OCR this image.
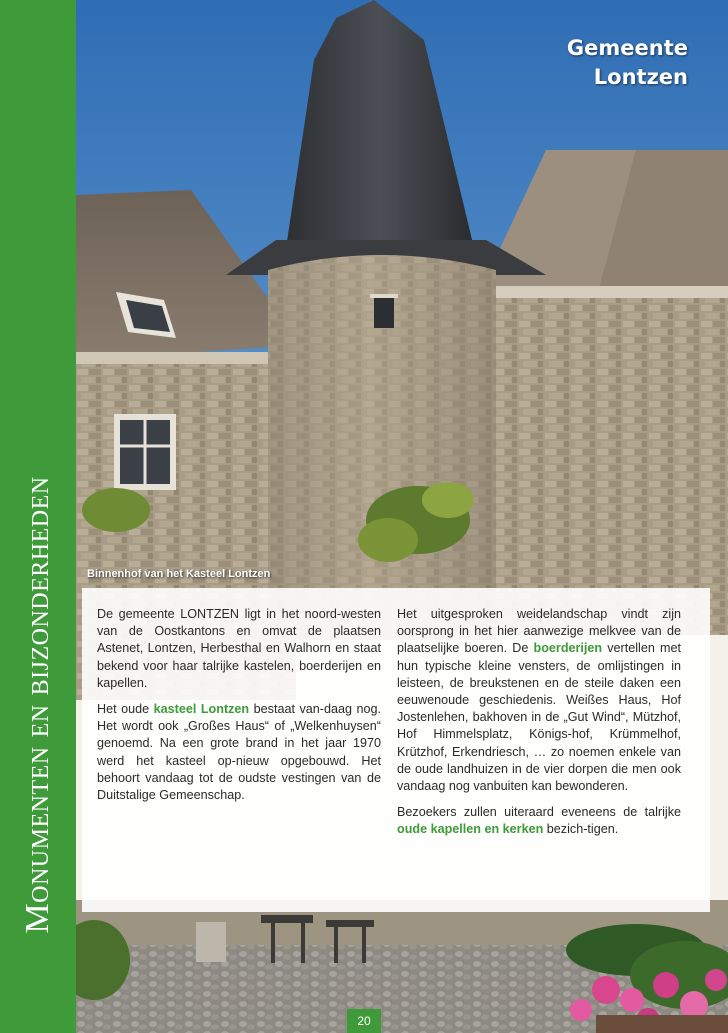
Monumenten en bijzonderheden
Gemeente
Lontzen
Binnenhof van het Kasteel Lontzen

De gemeente LONTZEN ligt in het noord-westen van de Oostkantons en omvat de plaatsen Astenet, Lontzen, Herbesthal en Walhorn en staat bekend voor haar talrijke kastelen, boerderijen en kapellen.

Het oude kasteel Lontzen bestaat van-daag nog. Het wordt ook „Großes Haus“ of „Welkenhuysen“ genoemd. Na een grote brand in het jaar 1970 werd het kasteel op-nieuw opgebouwd. Het behoort vandaag tot de oudste vestingen van de Duitstalige Gemeenschap.

Het uitgesproken weidelandschap vindt zijn oorsprong in het hier aanwezige melkvee van de plaatselijke boeren. De boerderijen vertellen met hun typische kleine vensters, de omlijstingen in leisteen, de breukstenen en de steile daken een eeuwenoude geschiedenis. Weißes Haus, Hof Jostenlehen, bakhoven in de „Gut Wind“, Mützhof, Hof Himmelsplatz, Königs-hof, Krümmelhof, Krützhof, Erkendriesch, … zo noemen enkele van de oude landhuizen in de vier dorpen die men ook vandaag nog vanbuiten kan bewonderen.

Bezoekers zullen uiteraard eveneens de talrijke oude kapellen en kerken bezich-tigen.

20
